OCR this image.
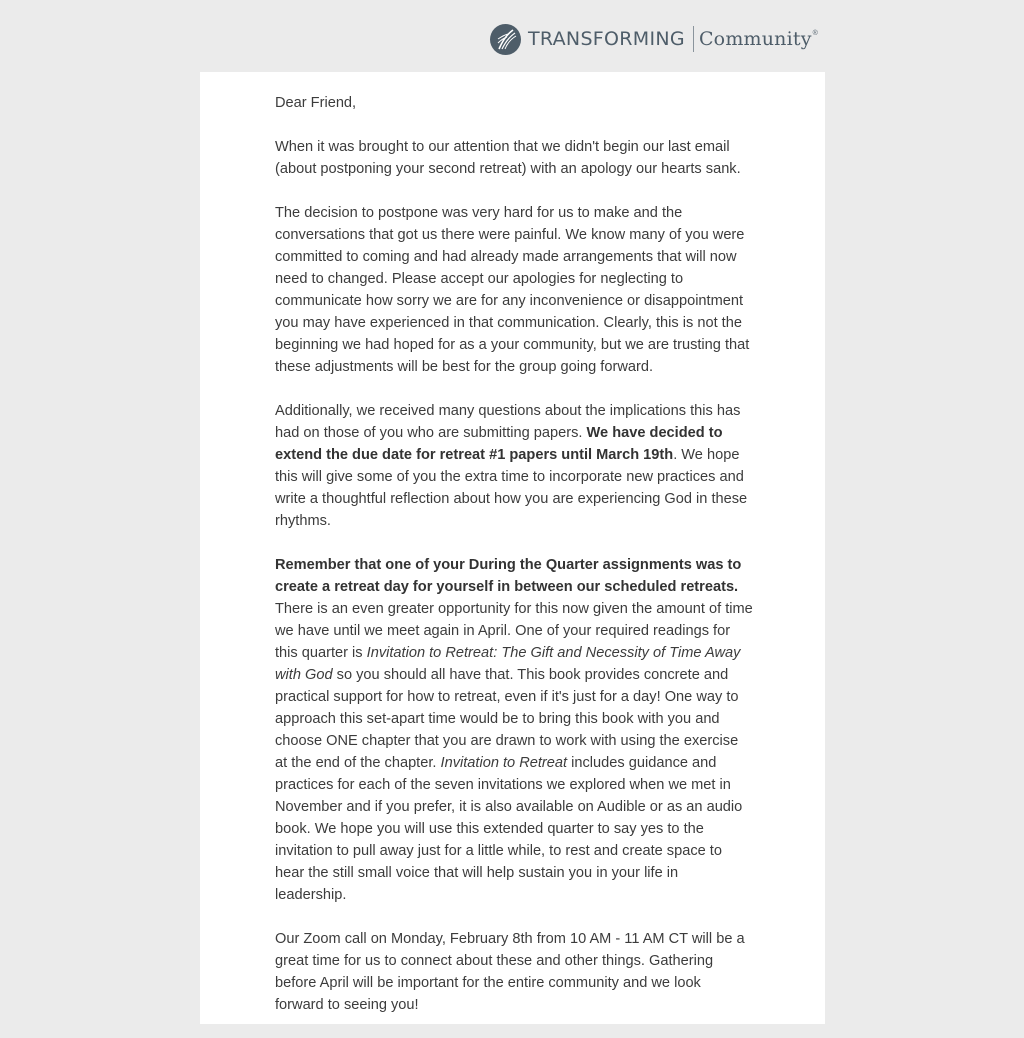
TRANSFORMING Community ®

Dear Friend,

When it was brought to our attention that we didn't begin our last email (about postponing your second retreat) with an apology our hearts sank.

The decision to postpone was very hard for us to make and the conversations that got us there were painful. We know many of you were committed to coming and had already made arrangements that will now need to changed. Please accept our apologies for neglecting to communicate how sorry we are for any inconvenience or disappointment you may have experienced in that communication. Clearly, this is not the beginning we had hoped for as a your community, but we are trusting that these adjustments will be best for the group going forward.

Additionally, we received many questions about the implications this has had on those of you who are submitting papers. We have decided to extend the due date for retreat #1 papers until March 19th. We hope this will give some of you the extra time to incorporate new practices and write a thoughtful reflection about how you are experiencing God in these rhythms.

Remember that one of your During the Quarter assignments was to create a retreat day for yourself in between our scheduled retreats. There is an even greater opportunity for this now given the amount of time we have until we meet again in April. One of your required readings for this quarter is Invitation to Retreat: The Gift and Necessity of Time Away with God so you should all have that. This book provides concrete and practical support for how to retreat, even if it's just for a day! One way to approach this set-apart time would be to bring this book with you and choose ONE chapter that you are drawn to work with using the exercise at the end of the chapter. Invitation to Retreat includes guidance and practices for each of the seven invitations we explored when we met in November and if you prefer, it is also available on Audible or as an audio book. We hope you will use this extended quarter to say yes to the invitation to pull away just for a little while, to rest and create space to hear the still small voice that will help sustain you in your life in leadership.

Our Zoom call on Monday, February 8th from 10 AM - 11 AM CT will be a great time for us to connect about these and other things. Gathering before April will be important for the entire community and we look forward to seeing you!
